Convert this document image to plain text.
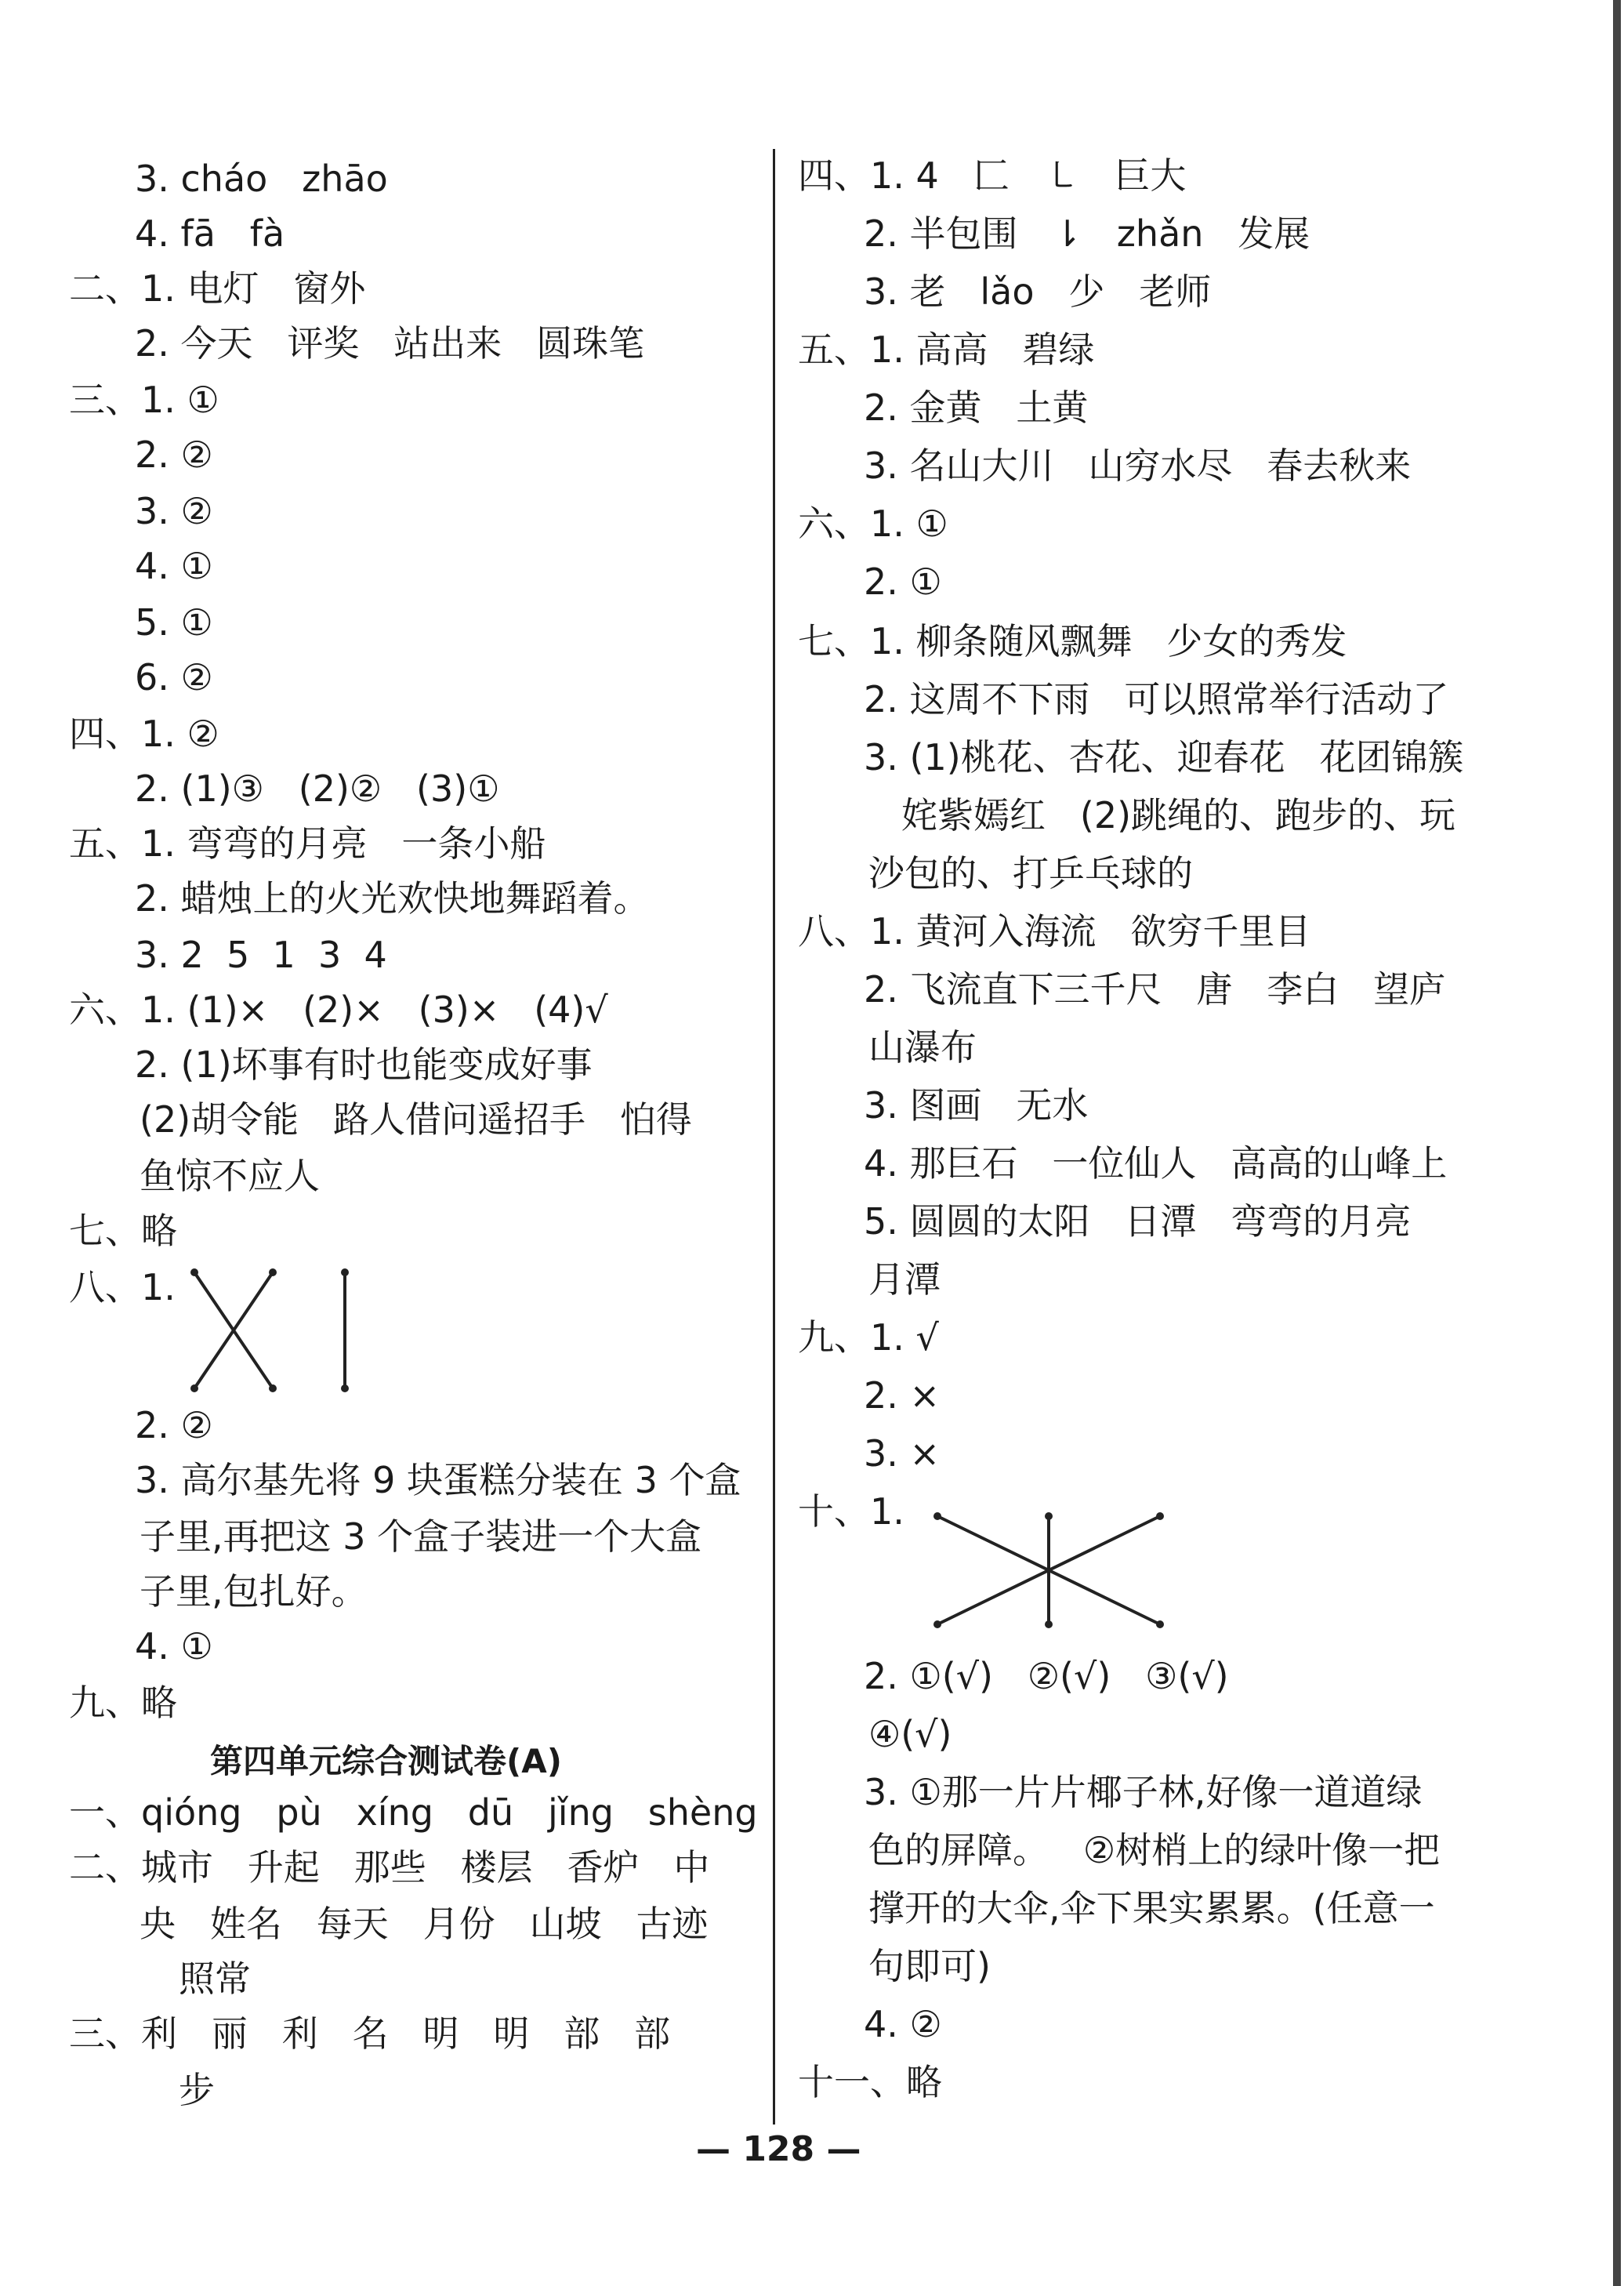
3. cháo   zhāo
4. fā   fà
二、1. 电灯   窗外
2. 今天   评奖   站出来   圆珠笔
三、1. ①
2. ②
3. ②
4. ①
5. ①
6. ②
四、1. ②
2. (1)③   (2)②   (3)①
五、1. 弯弯的月亮   一条小船
2. 蜡烛上的火光欢快地舞蹈着。
3. 2  5  1  3  4
六、1. (1)×   (2)×   (3)×   (4)√
2. (1)坏事有时也能变成好事
(2)胡令能   路人借问遥招手   怕得
鱼惊不应人
七、略
八、1.
2. ②
3. 高尔基先将 9 块蛋糕分装在 3 个盒
子里,再把这 3 个盒子装进一个大盒
子里,包扎好。
4. ①
九、略
第四单元综合测试卷(A)
一、qióng   pù   xíng   dū   jǐng   shèng
二、城市   升起   那些   楼层   香炉   中
央   姓名   每天   月份   山坡   古迹
照常
三、利   丽   利   名   明   明   部   部
步
四、1. 4   ⼕   ㇄   巨大
2. 半包围   ⇂   zhǎn   发展
3. 老   lǎo   少   老师
五、1. 高高   碧绿
2. 金黄   土黄
3. 名山大川   山穷水尽   春去秋来
六、1. ①
2. ①
七、1. 柳条随风飘舞   少女的秀发
2. 这周不下雨   可以照常举行活动了
3. (1)桃花、杏花、迎春花   花团锦簇
姹紫嫣红   (2)跳绳的、跑步的、玩
沙包的、打乒乓球的
八、1. 黄河入海流   欲穷千里目
2. 飞流直下三千尺   唐   李白   望庐
山瀑布
3. 图画   无水
4. 那巨石   一位仙人   高高的山峰上
5. 圆圆的太阳   日潭   弯弯的月亮
月潭
九、1. √
2. ×
3. ×
十、1.
2. ①(√)   ②(√)   ③(√)
④(√)
3. ①那一片片椰子林,好像一道道绿
色的屏障。   ②树梢上的绿叶像一把
撑开的大伞,伞下果实累累。(任意一
句即可)
4. ②
十一、略
— 128 —
